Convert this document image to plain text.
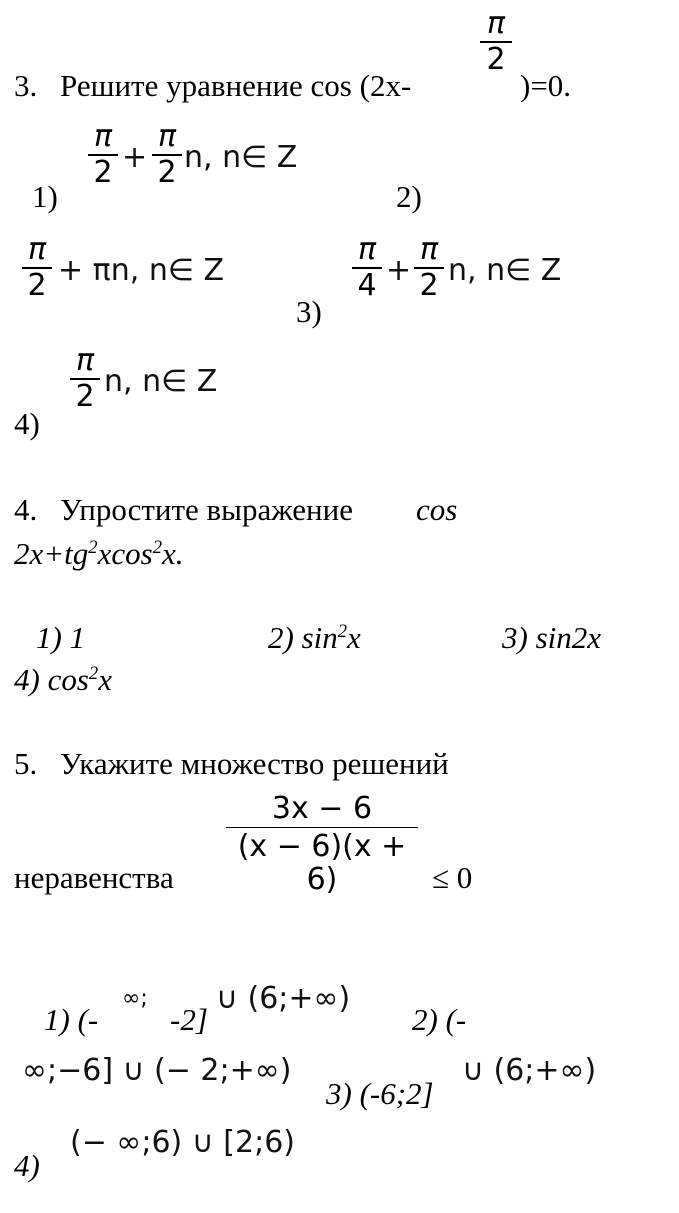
3. Решите уравнение cos (2x-
π
2
)=0.
1)
π
2 +
π
2 n, n∈ Z
2)
π
2 + πn, n∈ Z
3)
π
4 +
π
2 n, n∈ Z
4)
π
2 n, n∈ Z
4. Упростите выражение cos
$2x+tg^2xcos^2x$.
1) 1	2) $\sin^2x$	3) sin2x
4) $\cos^2x$
5. Укажите множество решений
неравенства
3x − 6
(x − 6)(x + 6)	≤ 0
1) (-
∞;
-2]
∪ (6;+∞)
2) (-
∞;−6] ∪ (− 2;+∞)
3) (-6;2]
∪ (6;+∞)
4)
(− ∞;6) ∪ [2;6)
